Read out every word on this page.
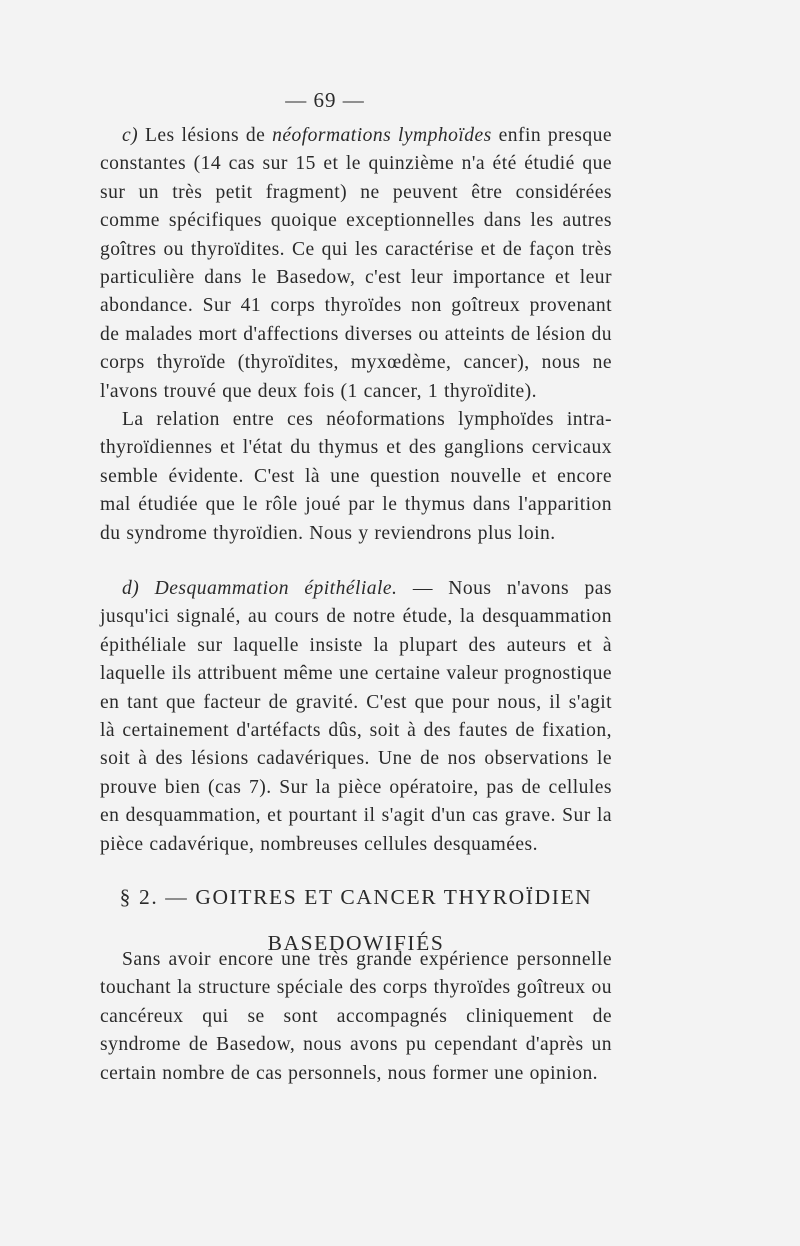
— 69 —

c) Les lésions de néoformations lymphoïdes enfin presque constantes (14 cas sur 15 et le quinzième n'a été étudié que sur un très petit fragment) ne peuvent être considérées comme spécifiques quoique exceptionnelles dans les autres goîtres ou thyroïdites. Ce qui les caractérise et de façon très particulière dans le Basedow, c'est leur importance et leur abondance. Sur 41 corps thyroïdes non goîtreux provenant de malades mort d'affections diverses ou atteints de lésion du corps thyroïde (thyroïdites, myxœdème, cancer), nous ne l'avons trouvé que deux fois (1 cancer, 1 thyroïdite).

La relation entre ces néoformations lymphoïdes intra-thyroïdiennes et l'état du thymus et des ganglions cervicaux semble évidente. C'est là une question nouvelle et encore mal étudiée que le rôle joué par le thymus dans l'apparition du syndrome thyroïdien. Nous y reviendrons plus loin.

d) Desquammation épithéliale. — Nous n'avons pas jusqu'ici signalé, au cours de notre étude, la desquammation épithéliale sur laquelle insiste la plupart des auteurs et à laquelle ils attribuent même une certaine valeur prognostique en tant que facteur de gravité. C'est que pour nous, il s'agit là certainement d'artéfacts dûs, soit à des fautes de fixation, soit à des lésions cadavériques. Une de nos observations le prouve bien (cas 7). Sur la pièce opératoire, pas de cellules en desquammation, et pourtant il s'agit d'un cas grave. Sur la pièce cadavérique, nombreuses cellules desquamées.

§ 2. — GOITRES ET CANCER THYROÏDIEN
BASEDOWIFIÉS

Sans avoir encore une très grande expérience personnelle touchant la structure spéciale des corps thyroïdes goîtreux ou cancéreux qui se sont accompagnés cliniquement de syndrome de Basedow, nous avons pu cependant d'après un certain nombre de cas personnels, nous former une opinion.
